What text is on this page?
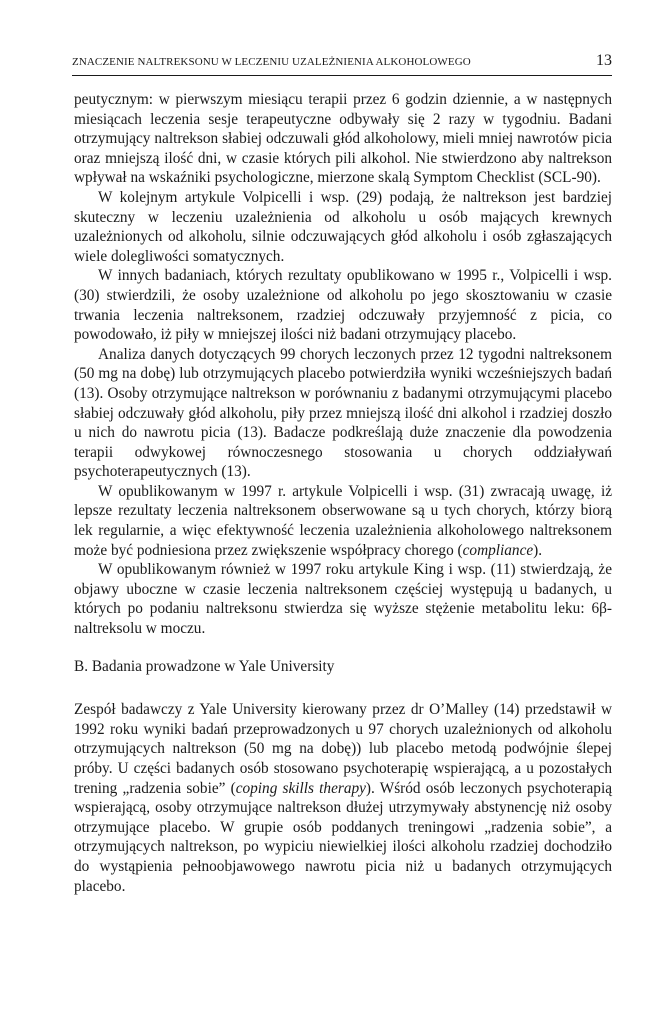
ZNACZENIE NALTREKSONU W LECZENIU UZALEŻNIENIA ALKOHOLOWEGO	13

peutycznym: w pierwszym miesiącu terapii przez 6 godzin dziennie, a w następnych miesiącach leczenia sesje terapeutyczne odbywały się 2 razy w tygodniu. Badani otrzymujący naltrekson słabiej odczuwali głód alkoholowy, mieli mniej nawrotów picia oraz mniejszą ilość dni, w czasie których pili alkohol. Nie stwierdzono aby naltrekson wpływał na wskaźniki psychologiczne, mierzone skalą Symptom Checklist (SCL-90).

W kolejnym artykule Volpicelli i wsp. (29) podają, że naltrekson jest bardziej skuteczny w leczeniu uzależnienia od alkoholu u osób mających krewnych uzależnionych od alkoholu, silnie odczuwających głód alkoholu i osób zgłaszających wiele dolegliwości somatycznych.

W innych badaniach, których rezultaty opublikowano w 1995 r., Volpicelli i wsp. (30) stwierdzili, że osoby uzależnione od alkoholu po jego skosztowaniu w czasie trwania leczenia naltreksonem, rzadziej odczuwały przyjemność z picia, co powodowało, iż piły w mniejszej ilości niż badani otrzymujący placebo.

Analiza danych dotyczących 99 chorych leczonych przez 12 tygodni naltreksonem (50 mg na dobę) lub otrzymujących placebo potwierdziła wyniki wcześniejszych badań (13). Osoby otrzymujące naltrekson w porównaniu z badanymi otrzymującymi placebo słabiej odczuwały głód alkoholu, piły przez mniejszą ilość dni alkohol i rzadziej doszło u nich do nawrotu picia (13). Badacze podkreślają duże znaczenie dla powodzenia terapii odwykowej równoczesnego stosowania u chorych oddziaływań psychoterapeutycznych (13).

W opublikowanym w 1997 r. artykule Volpicelli i wsp. (31) zwracają uwagę, iż lepsze rezultaty leczenia naltreksonem obserwowane są u tych chorych, którzy biorą lek regularnie, a więc efektywność leczenia uzależnienia alkoholowego naltreksonem może być podniesiona przez zwiększenie współpracy chorego (compliance).

W opublikowanym również w 1997 roku artykule King i wsp. (11) stwierdzają, że objawy uboczne w czasie leczenia naltreksonem częściej występują u badanych, u których po podaniu naltreksonu stwierdza się wyższe stężenie metabolitu leku: 6β-naltreksolu w moczu.

B. Badania prowadzone w Yale University

Zespół badawczy z Yale University kierowany przez dr O’Malley (14) przedstawił w 1992 roku wyniki badań przeprowadzonych u 97 chorych uzależnionych od alkoholu otrzymujących naltrekson (50 mg na dobę)) lub placebo metodą podwójnie ślepej próby. U części badanych osób stosowano psychoterapię wspierającą, a u pozostałych trening „radzenia sobie” (coping skills therapy). Wśród osób leczonych psychoterapią wspierającą, osoby otrzymujące naltrekson dłużej utrzymywały abstynencję niż osoby otrzymujące placebo. W grupie osób poddanych treningowi „radzenia sobie”, a otrzymujących naltrekson, po wypiciu niewielkiej ilości alkoholu rzadziej dochodziło do wystąpienia pełnoobjawowego nawrotu picia niż u badanych otrzymujących placebo.
